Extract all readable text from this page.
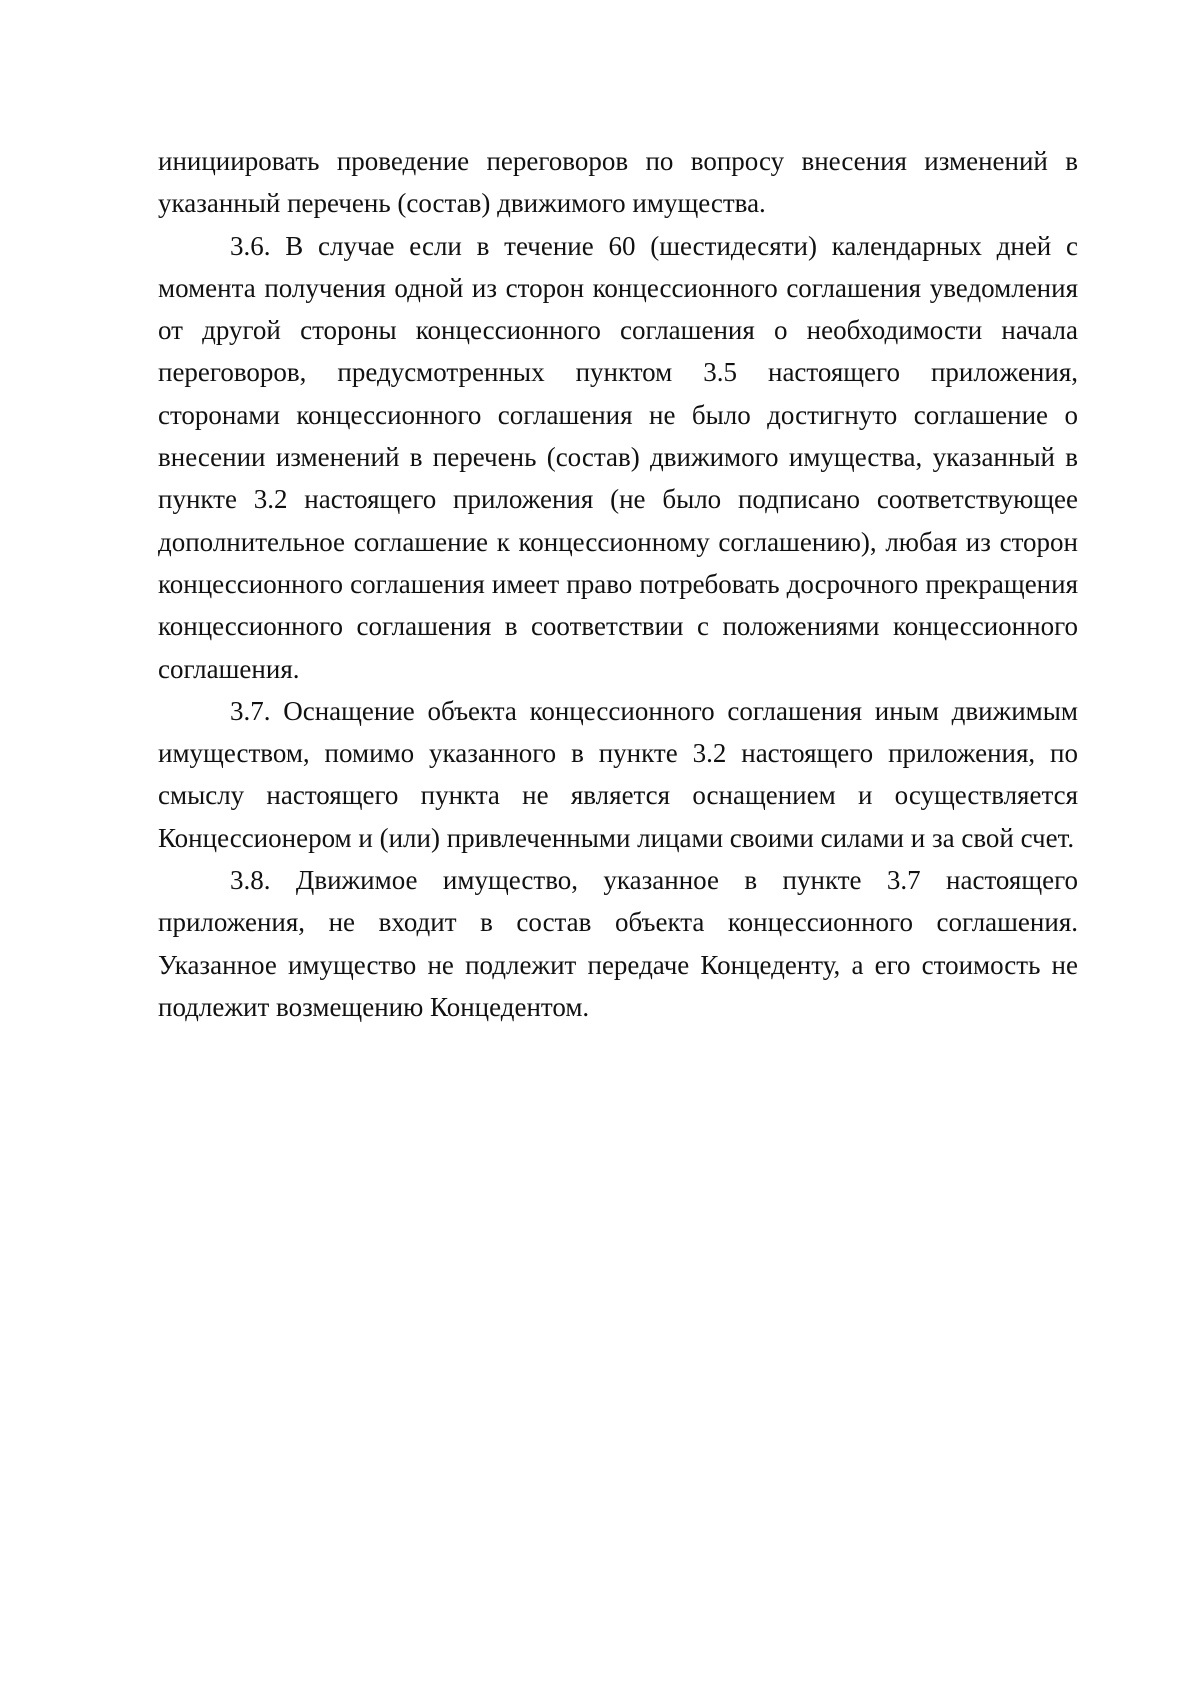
инициировать проведение переговоров по вопросу внесения изменений в указанный перечень (состав) движимого имущества.

3.6. В случае если в течение 60 (шестидесяти) календарных дней с момента получения одной из сторон концессионного соглашения уведомления от другой стороны концессионного соглашения о необходимости начала переговоров, предусмотренных пунктом 3.5 настоящего приложения, сторонами концессионного соглашения не было достигнуто соглашение о внесении изменений в перечень (состав) движимого имущества, указанный в пункте 3.2 настоящего приложения (не было подписано соответствующее дополнительное соглашение к концессионному соглашению), любая из сторон концессионного соглашения имеет право потребовать досрочного прекращения концессионного соглашения в соответствии с положениями концессионного соглашения.

3.7. Оснащение объекта концессионного соглашения иным движимым имуществом, помимо указанного в пункте 3.2 настоящего приложения, по смыслу настоящего пункта не является оснащением и осуществляется Концессионером и (или) привлеченными лицами своими силами и за свой счет.

3.8. Движимое имущество, указанное в пункте 3.7 настоящего приложения, не входит в состав объекта концессионного соглашения. Указанное имущество не подлежит передаче Концеденту, а его стоимость не подлежит возмещению Концедентом.
